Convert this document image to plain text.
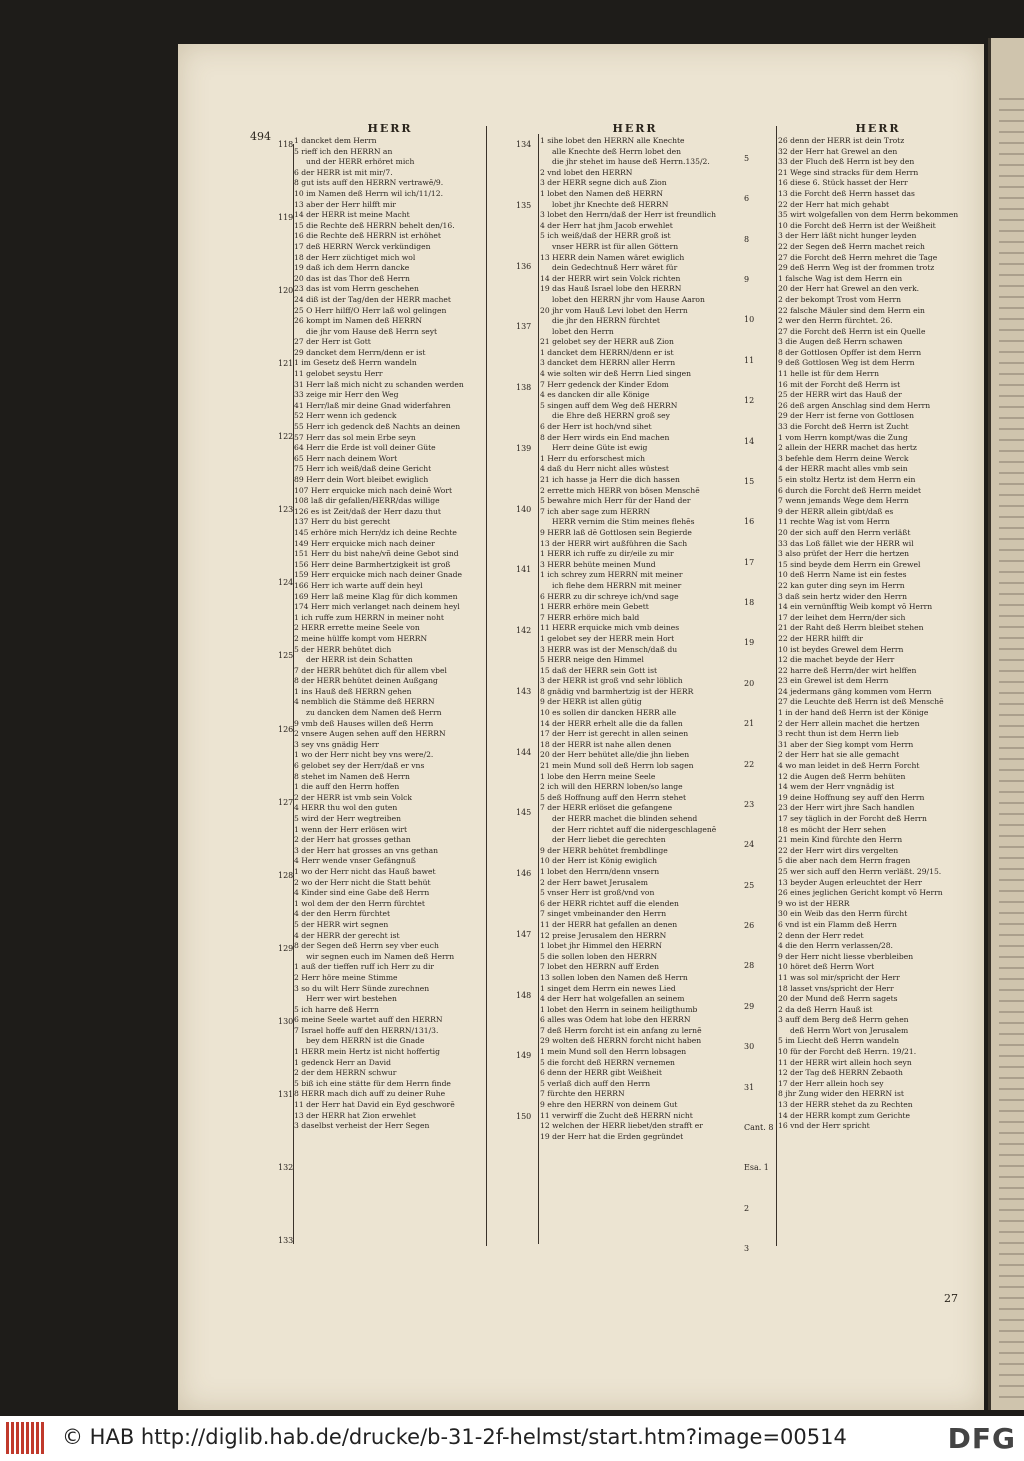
494
27
HERR
1 dancket dem Herrn
5 rieff ich den HERRN an
und der HERR erhöret mich
6 der HERR ist mit mir/7.
8 gut ists auff den HERRN vertrawē/9.
10 im Namen deß Herrn wil ich/11/12.
13 aber der Herr hilfft mir
14 der HERR ist meine Macht
15 die Rechte deß HERRN behelt den/16.
16 die Rechte deß HERRN ist erhöhet
17 deß HERRN Werck verkündigen
18 der Herr züchtiget mich wol
19 daß ich dem Herrn dancke
20 das ist das Thor deß Herrn
23 das ist vom Herrn geschehen
24 diß ist der Tag/den der HERR machet
25 O Herr hilff/O Herr laß wol gelingen
26 kompt im Namen deß HERRN
die jhr vom Hause deß Herrn seyt
27 der Herr ist Gott
29 dancket dem Herrn/denn er ist
1 im Gesetz deß Herrn wandeln
11 gelobet seystu Herr
31 Herr laß mich nicht zu schanden werden
33 zeige mir Herr den Weg
41 Herr/laß mir deine Gnad widerfahren
52 Herr wenn ich gedenck
55 Herr ich gedenck deß Nachts an deinen
57 Herr das sol mein Erbe seyn
64 Herr die Erde ist voll deiner Güte
65 Herr nach deinem Wort
75 Herr ich weiß/daß deine Gericht
89 Herr dein Wort bleibet ewiglich
107 Herr erquicke mich nach deinē Wort
108 laß dir gefallen/HERR/das willige
126 es ist Zeit/daß der Herr dazu thut
137 Herr du bist gerecht
145 erhöre mich Herr/dz ich deine Rechte
149 Herr erquicke mich nach deiner
151 Herr du bist nahe/vñ deine Gebot sind
156 Herr deine Barmhertzigkeit ist groß
159 Herr erquicke mich nach deiner Gnade
166 Herr ich warte auff dein heyl
169 Herr laß meine Klag für dich kommen
174 Herr mich verlanget nach deinem heyl
1 ich ruffe zum HERRN in meiner noht
2 HERR errette meine Seele von
2 meine hülffe kompt vom HERRN
5 der HERR behütet dich
der HERR ist dein Schatten
7 der HERR behütet dich für allem vbel
8 der HERR behütet deinen Außgang
1 ins Hauß deß HERRN gehen
4 nemblich die Stämme deß HERRN
zu dancken dem Namen deß Herrn
9 vmb deß Hauses willen deß Herrn
2 vnsere Augen sehen auff den HERRN
3 sey vns gnädig Herr
1 wo der Herr nicht bey vns were/2.
6 gelobet sey der Herr/daß er vns
8 stehet im Namen deß Herrn
1 die auff den Herrn hoffen
2 der HERR ist vmb sein Volck
4 HERR thu wol den guten
5 wird der Herr wegtreiben
1 wenn der Herr erlösen wirt
2 der Herr hat grosses gethan
3 der Herr hat grosses an vns gethan
4 Herr wende vnser Gefängnuß
1 wo der Herr nicht das Hauß bawet
2 wo der Herr nicht die Statt behüt
4 Kinder sind eine Gabe deß Herrn
1 wol dem der den Herrn fürchtet
4 der den Herrn fürchtet
5 der HERR wirt segnen
4 der HERR der gerecht ist
8 der Segen deß Herrn sey vber euch
wir segnen euch im Namen deß Herrn
1 auß der tieffen ruff ich Herr zu dir
2 Herr höre meine Stimme
3 so du wilt Herr Sünde zurechnen
Herr wer wirt bestehen
5 ich harre deß Herrn
6 meine Seele wartet auff den HERRN
7 Israel hoffe auff den HERRN/131/3.
bey dem HERRN ist die Gnade
1 HERR mein Hertz ist nicht hoffertig
1 gedenck Herr an David
2 der dem HERRN schwur
5 biß ich eine stätte für dem Herrn finde
8 HERR mach dich auff zu deiner Ruhe
11 der Herr hat David ein Eyd geschworē
13 der HERR hat Zion erwehlet
3 daselbst verheist der Herr Segen
HERR
1 sihe lobet den HERRN alle Knechte
alle Knechte deß Herrn lobet den
die jhr stehet im hause deß Herrn.135/2.
2 vnd lobet den HERRN
3 der HERR segne dich auß Zion
1 lobet den Namen deß HERRN
lobet jhr Knechte deß HERRN
3 lobet den Herrn/daß der Herr ist freundlich
4 der Herr hat jhm Jacob erwehlet
5 ich weiß/daß der HERR groß ist
vnser HERR ist für allen Göttern
13 HERR dein Namen wäret ewiglich
dein Gedechtnuß Herr wäret für
14 der HERR wirt sein Volck richten
19 das Hauß Israel lobe den HERRN
lobet den HERRN jhr vom Hause Aaron
20 jhr vom Hauß Levi lobet den Herrn
die jhr den HERRN fürchtet
lobet den Herrn
21 gelobet sey der HERR auß Zion
1 dancket dem HERRN/denn er ist
3 dancket dem HERRN aller Herrn
4 wie solten wir deß Herrn Lied singen
7 Herr gedenck der Kinder Edom
4 es dancken dir alle Könige
5 singen auff dem Weg deß HERRN
die Ehre deß HERRN groß sey
6 der Herr ist hoch/vnd sihet
8 der Herr wirds ein End machen
Herr deine Güte ist ewig
1 Herr du erforschest mich
4 daß du Herr nicht alles wüstest
21 ich hasse ja Herr die dich hassen
2 errette mich HERR von bösen Menschē
5 bewahre mich Herr für der Hand der
7 ich aber sage zum HERRN
HERR vernim die Stim meines flehēs
9 HERR laß dē Gottlosen sein Begierde
13 der HERR wirt außführen die Sach
1 HERR ich ruffe zu dir/eile zu mir
3 HERR behüte meinen Mund
1 ich schrey zum HERRN mit meiner
ich flehe dem HERRN mit meiner
6 HERR zu dir schreye ich/vnd sage
1 HERR erhöre mein Gebett
7 HERR erhöre mich bald
11 HERR erquicke mich vmb deines
1 gelobet sey der HERR mein Hort
3 HERR was ist der Mensch/daß du
5 HERR neige den Himmel
15 daß der HERR sein Gott ist
3 der HERR ist groß vnd sehr löblich
8 gnädig vnd barmhertzig ist der HERR
9 der HERR ist allen gütig
10 es sollen dir dancken HERR alle
14 der HERR erhelt alle die da fallen
17 der Herr ist gerecht in allen seinen
18 der HERR ist nahe allen denen
20 der Herr behütet alle/die jhn lieben
21 mein Mund soll deß Herrn lob sagen
1 lobe den Herrn meine Seele
2 ich will den HERRN loben/so lange
5 deß Hoffnung auff den Herrn stehet
7 der HERR erlöset die gefangene
der HERR machet die blinden sehend
der Herr richtet auff die nidergeschlagenē
der Herr liebet die gerechten
9 der HERR behütet frembdlinge
10 der Herr ist König ewiglich
1 lobet den Herrn/denn vnsern
2 der Herr bawet Jerusalem
5 vnser Herr ist groß/vnd von
6 der HERR richtet auff die elenden
7 singet vmbeinander den Herrn
11 der HERR hat gefallen an denen
12 preise Jerusalem den HERRN
1 lobet jhr Himmel den HERRN
5 die sollen loben den HERRN
7 lobet den HERRN auff Erden
13 sollen loben den Namen deß Herrn
1 singet dem Herrn ein newes Lied
4 der Herr hat wolgefallen an seinem
1 lobet den Herrn in seinem heiligthumb
6 alles was Odem hat lobe den HERRN
7 deß Herrn forcht ist ein anfang zu lernē
29 wolten deß HERRN forcht nicht haben
1 mein Mund soll den Herrn lobsagen
5 die forcht deß HERRN vernemen
6 denn der HERR gibt Weißheit
5 verlaß dich auff den Herrn
7 fürchte den HERRN
9 ehre den HERRN von deinem Gut
11 verwirff die Zucht deß HERRN nicht
12 welchen der HERR liebet/den strafft er
19 der Herr hat die Erden gegründet
HERR
26 denn der HERR ist dein Trotz
32 der Herr hat Grewel an den
33 der Fluch deß Herrn ist bey den
21 Wege sind stracks für dem Herrn
16 diese 6. Stück hasset der Herr
13 die Forcht deß Herrn hasset das
22 der Herr hat mich gehabt
35 wirt wolgefallen von dem Herrn bekommen
10 die Forcht deß Herrn ist der Weißheit
3 der Herr läßt nicht hunger leyden
22 der Segen deß Herrn machet reich
27 die Forcht deß Herrn mehret die Tage
29 deß Herrn Weg ist der frommen trotz
1 falsche Wag ist dem Herrn ein
20 der Herr hat Grewel an den verk.
2 der bekompt Trost vom Herrn
22 falsche Mäuler sind dem Herrn ein
2 wer den Herrn fürchtet. 26.
27 die Forcht deß Herrn ist ein Quelle
3 die Augen deß Herrn schawen
8 der Gottlosen Opffer ist dem Herrn
9 deß Gottlosen Weg ist dem Herrn
11 helle ist für dem Herrn
16 mit der Forcht deß Herrn ist
25 der HERR wirt das Hauß der
26 deß argen Anschlag sind dem Herrn
29 der Herr ist ferne von Gottlosen
33 die Forcht deß Herrn ist Zucht
1 vom Herrn kompt/was die Zung
2 allein der HERR machet das hertz
3 befehle dem Herrn deine Werck
4 der HERR macht alles vmb sein
5 ein stoltz Hertz ist dem Herrn ein
6 durch die Forcht deß Herrn meidet
7 wenn jemands Wege dem Herrn
9 der HERR allein gibt/daß es
11 rechte Wag ist vom Herrn
20 der sich auff den Herrn verläßt
33 das Loß fället wie der HERR wil
3 also prüfet der Herr die hertzen
15 sind beyde dem Herrn ein Grewel
10 deß Herrn Name ist ein festes
22 kan guter ding seyn im Herrn
3 daß sein hertz wider den Herrn
14 ein vernünfftig Weib kompt vō Herrn
17 der leihet dem Herrn/der sich
21 der Raht deß Herrn bleibet stehen
22 der HERR hilfft dir
10 ist beydes Grewel dem Herrn
12 die machet beyde der Herr
22 harre deß Herrn/der wirt helffen
23 ein Grewel ist dem Herrn
24 jedermans gäng kommen vom Herrn
27 die Leuchte deß Herrn ist deß Menschē
1 in der hand deß Herrn ist der Könige
2 der Herr allein machet die hertzen
3 recht thun ist dem Herrn lieb
31 aber der Sieg kompt vom Herrn
2 der Herr hat sie alle gemacht
4 wo man leidet in deß Herrn Forcht
12 die Augen deß Herrn behüten
14 wem der Herr vngnädig ist
19 deine Hoffnung sey auff den Herrn
23 der Herr wirt jhre Sach handlen
17 sey täglich in der Forcht deß Herrn
18 es möcht der Herr sehen
21 mein Kind fürchte den Herrn
22 der Herr wirt dirs vergelten
5 die aber nach dem Herrn fragen
25 wer sich auff den Herrn verläßt. 29/15.
13 beyder Augen erleuchtet der Herr
26 eines jeglichen Gericht kompt vō Herrn
9 wo ist der HERR
30 ein Weib das den Herrn fürcht
6 vnd ist ein Flamm deß Herrn
2 denn der Herr redet
4 die den Herrn verlassen/28.
9 der Herr nicht liesse vberbleiben
10 höret deß Herrn Wort
11 was sol mir/spricht der Herr
18 lasset vns/spricht der Herr
20 der Mund deß Herrn sagets
2 da deß Herrn Hauß ist
3 auff dem Berg deß Herrn gehen
deß Herrn Wort von Jerusalem
5 im Liecht deß Herrn wandeln
10 für der Forcht deß Herrn. 19/21.
11 der HERR wirt allein hoch seyn
12 der Tag deß HERRN Zebaoth
17 der Herr allein hoch sey
8 jhr Zung wider den HERRN ist
13 der HERR stehet da zu Rechten
14 der HERR kompt zum Gerichte
16 vnd der Herr spricht
118
119
120
121
122
123
124
125
126
127
128
129
130
131
132
133
134
135
136
137
138
139
140
141
142
143
144
145
146
147
148
149
150
5
6
8
9
10
11
12
14
15
16
17
18
19
20
21
22
23
24
25
26
28
29
30
31
Cant. 8
Esa. 1
2
3
© HAB http://diglib.hab.de/drucke/b-31-2f-helmst/start.htm?image=00514	DFG
